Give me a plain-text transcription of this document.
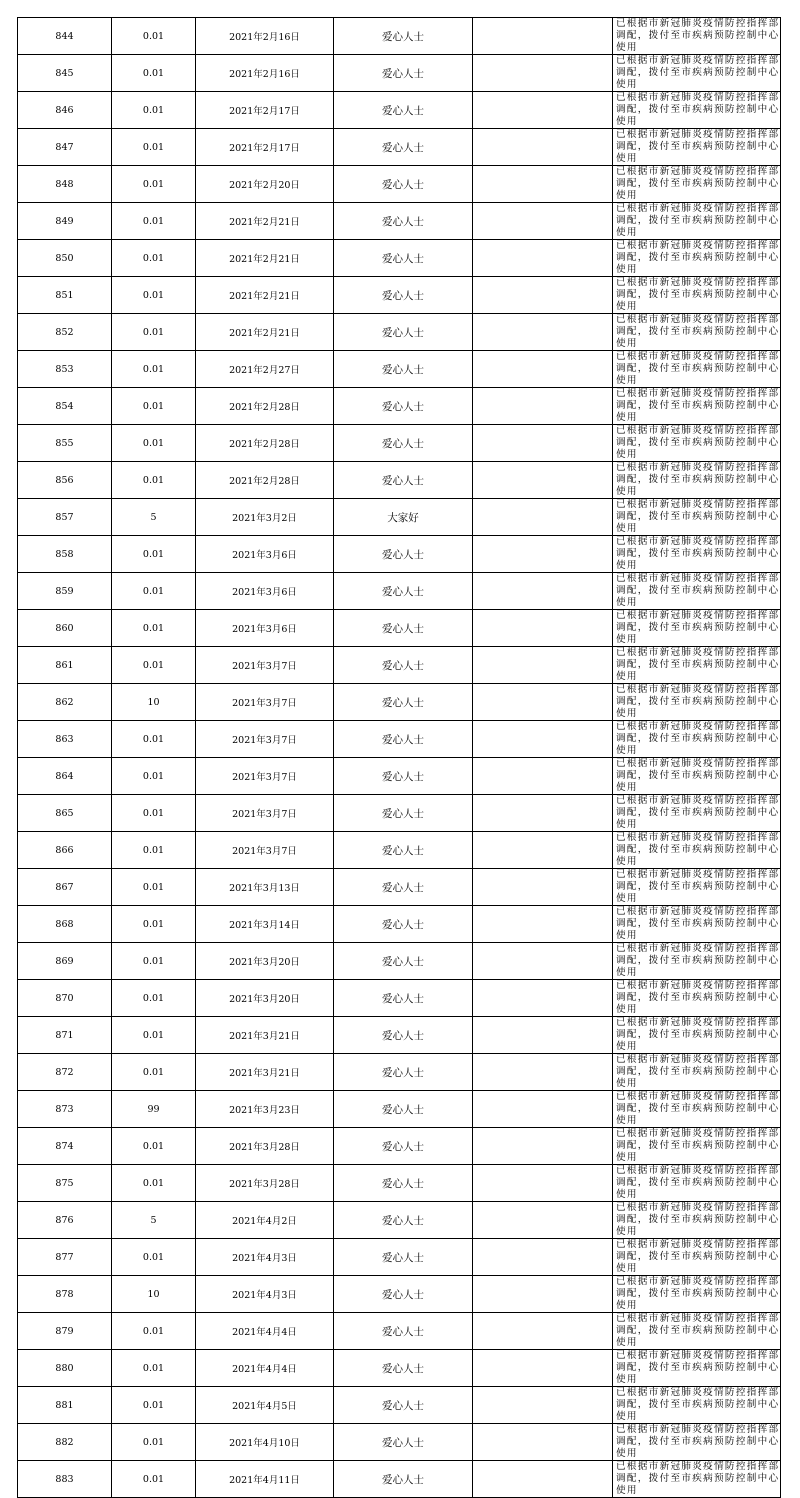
844	0.01	2021年2月16日	爱心人士		已根据市新冠肺炎疫情防控指挥部调配，拨付至市疾病预防控制中心使用
845	0.01	2021年2月16日	爱心人士		已根据市新冠肺炎疫情防控指挥部调配，拨付至市疾病预防控制中心使用
846	0.01	2021年2月17日	爱心人士		已根据市新冠肺炎疫情防控指挥部调配，拨付至市疾病预防控制中心使用
847	0.01	2021年2月17日	爱心人士		已根据市新冠肺炎疫情防控指挥部调配，拨付至市疾病预防控制中心使用
848	0.01	2021年2月20日	爱心人士		已根据市新冠肺炎疫情防控指挥部调配，拨付至市疾病预防控制中心使用
849	0.01	2021年2月21日	爱心人士		已根据市新冠肺炎疫情防控指挥部调配，拨付至市疾病预防控制中心使用
850	0.01	2021年2月21日	爱心人士		已根据市新冠肺炎疫情防控指挥部调配，拨付至市疾病预防控制中心使用
851	0.01	2021年2月21日	爱心人士		已根据市新冠肺炎疫情防控指挥部调配，拨付至市疾病预防控制中心使用
852	0.01	2021年2月21日	爱心人士		已根据市新冠肺炎疫情防控指挥部调配，拨付至市疾病预防控制中心使用
853	0.01	2021年2月27日	爱心人士		已根据市新冠肺炎疫情防控指挥部调配，拨付至市疾病预防控制中心使用
854	0.01	2021年2月28日	爱心人士		已根据市新冠肺炎疫情防控指挥部调配，拨付至市疾病预防控制中心使用
855	0.01	2021年2月28日	爱心人士		已根据市新冠肺炎疫情防控指挥部调配，拨付至市疾病预防控制中心使用
856	0.01	2021年2月28日	爱心人士		已根据市新冠肺炎疫情防控指挥部调配，拨付至市疾病预防控制中心使用
857	5	2021年3月2日	大家好		已根据市新冠肺炎疫情防控指挥部调配，拨付至市疾病预防控制中心使用
858	0.01	2021年3月6日	爱心人士		已根据市新冠肺炎疫情防控指挥部调配，拨付至市疾病预防控制中心使用
859	0.01	2021年3月6日	爱心人士		已根据市新冠肺炎疫情防控指挥部调配，拨付至市疾病预防控制中心使用
860	0.01	2021年3月6日	爱心人士		已根据市新冠肺炎疫情防控指挥部调配，拨付至市疾病预防控制中心使用
861	0.01	2021年3月7日	爱心人士		已根据市新冠肺炎疫情防控指挥部调配，拨付至市疾病预防控制中心使用
862	10	2021年3月7日	爱心人士		已根据市新冠肺炎疫情防控指挥部调配，拨付至市疾病预防控制中心使用
863	0.01	2021年3月7日	爱心人士		已根据市新冠肺炎疫情防控指挥部调配，拨付至市疾病预防控制中心使用
864	0.01	2021年3月7日	爱心人士		已根据市新冠肺炎疫情防控指挥部调配，拨付至市疾病预防控制中心使用
865	0.01	2021年3月7日	爱心人士		已根据市新冠肺炎疫情防控指挥部调配，拨付至市疾病预防控制中心使用
866	0.01	2021年3月7日	爱心人士		已根据市新冠肺炎疫情防控指挥部调配，拨付至市疾病预防控制中心使用
867	0.01	2021年3月13日	爱心人士		已根据市新冠肺炎疫情防控指挥部调配，拨付至市疾病预防控制中心使用
868	0.01	2021年3月14日	爱心人士		已根据市新冠肺炎疫情防控指挥部调配，拨付至市疾病预防控制中心使用
869	0.01	2021年3月20日	爱心人士		已根据市新冠肺炎疫情防控指挥部调配，拨付至市疾病预防控制中心使用
870	0.01	2021年3月20日	爱心人士		已根据市新冠肺炎疫情防控指挥部调配，拨付至市疾病预防控制中心使用
871	0.01	2021年3月21日	爱心人士		已根据市新冠肺炎疫情防控指挥部调配，拨付至市疾病预防控制中心使用
872	0.01	2021年3月21日	爱心人士		已根据市新冠肺炎疫情防控指挥部调配，拨付至市疾病预防控制中心使用
873	99	2021年3月23日	爱心人士		已根据市新冠肺炎疫情防控指挥部调配，拨付至市疾病预防控制中心使用
874	0.01	2021年3月28日	爱心人士		已根据市新冠肺炎疫情防控指挥部调配，拨付至市疾病预防控制中心使用
875	0.01	2021年3月28日	爱心人士		已根据市新冠肺炎疫情防控指挥部调配，拨付至市疾病预防控制中心使用
876	5	2021年4月2日	爱心人士		已根据市新冠肺炎疫情防控指挥部调配，拨付至市疾病预防控制中心使用
877	0.01	2021年4月3日	爱心人士		已根据市新冠肺炎疫情防控指挥部调配，拨付至市疾病预防控制中心使用
878	10	2021年4月3日	爱心人士		已根据市新冠肺炎疫情防控指挥部调配，拨付至市疾病预防控制中心使用
879	0.01	2021年4月4日	爱心人士		已根据市新冠肺炎疫情防控指挥部调配，拨付至市疾病预防控制中心使用
880	0.01	2021年4月4日	爱心人士		已根据市新冠肺炎疫情防控指挥部调配，拨付至市疾病预防控制中心使用
881	0.01	2021年4月5日	爱心人士		已根据市新冠肺炎疫情防控指挥部调配，拨付至市疾病预防控制中心使用
882	0.01	2021年4月10日	爱心人士		已根据市新冠肺炎疫情防控指挥部调配，拨付至市疾病预防控制中心使用
883	0.01	2021年4月11日	爱心人士		已根据市新冠肺炎疫情防控指挥部调配，拨付至市疾病预防控制中心使用
